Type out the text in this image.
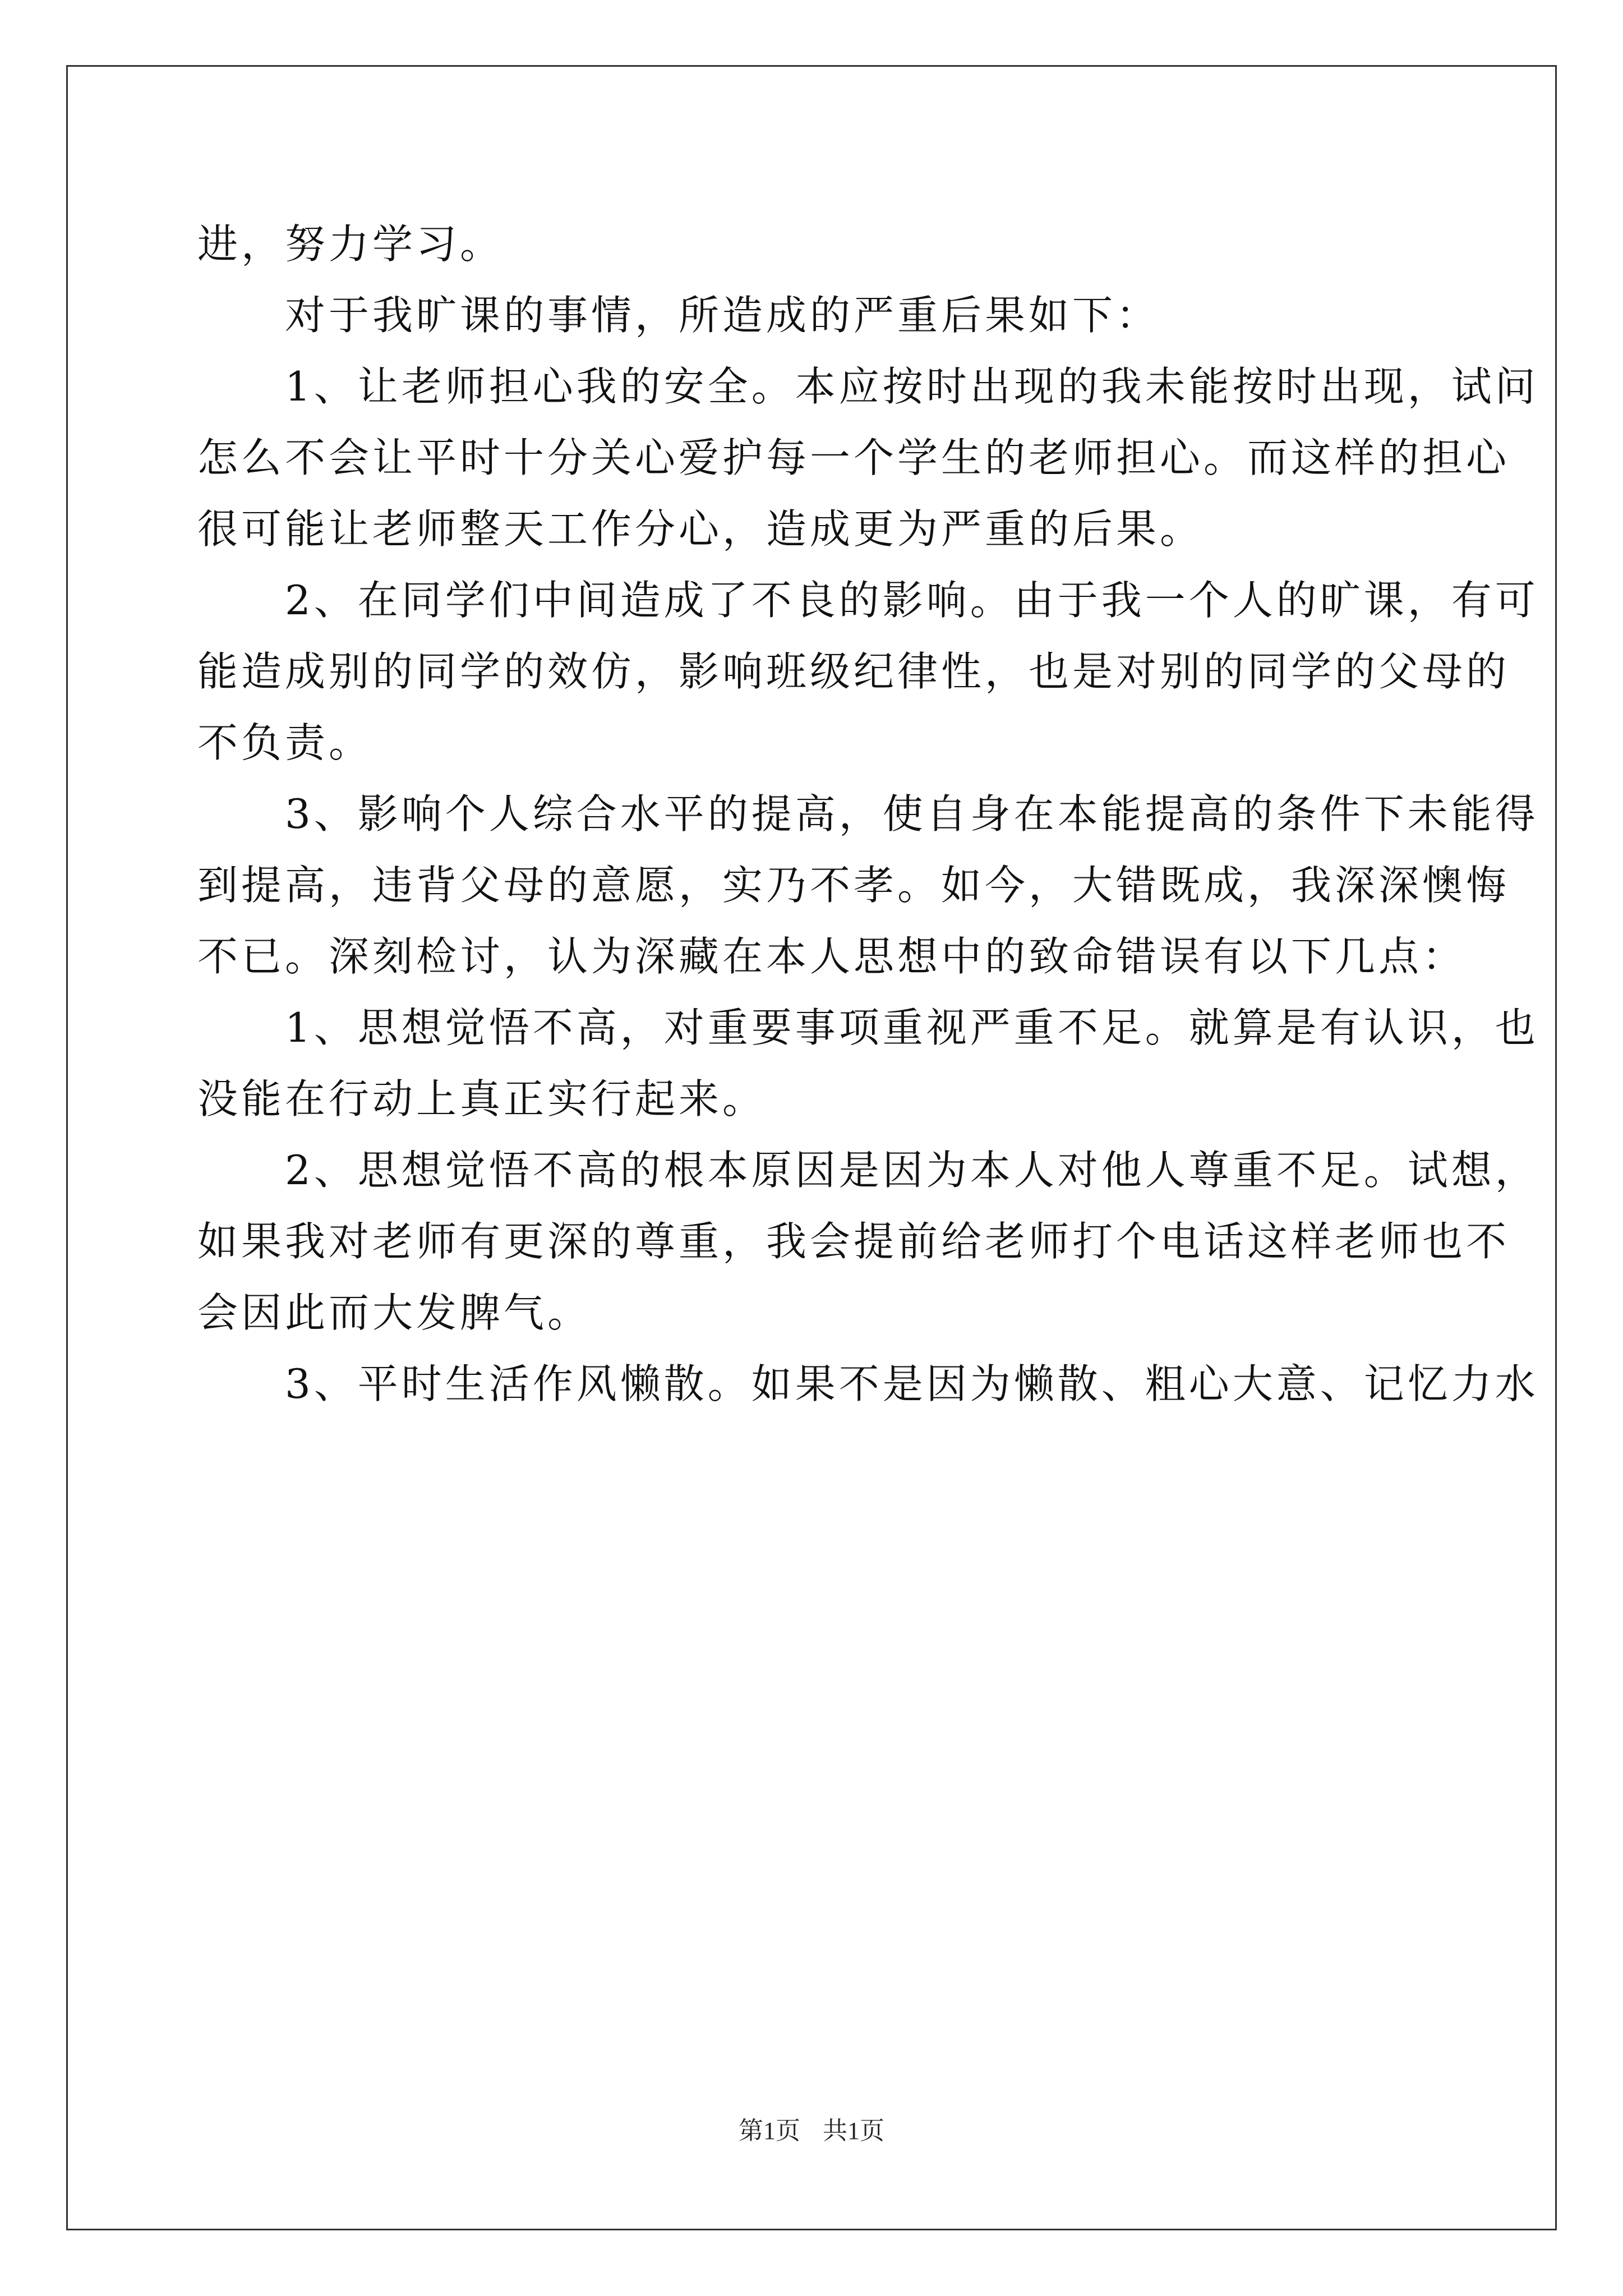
进，努力学习。
对于我旷课的事情，所造成的严重后果如下：
1、让老师担心我的安全。本应按时出现的我未能按时出现，试问
怎么不会让平时十分关心爱护每一个学生的老师担心。而这样的担心
很可能让老师整天工作分心，造成更为严重的后果。
2、在同学们中间造成了不良的影响。由于我一个人的旷课，有可
能造成别的同学的效仿，影响班级纪律性，也是对别的同学的父母的
不负责。
3、影响个人综合水平的提高，使自身在本能提高的条件下未能得
到提高，违背父母的意愿，实乃不孝。如今，大错既成，我深深懊悔
不已。深刻检讨，认为深藏在本人思想中的致命错误有以下几点：
1、思想觉悟不高，对重要事项重视严重不足。就算是有认识，也
没能在行动上真正实行起来。
2、思想觉悟不高的根本原因是因为本人对他人尊重不足。试想，
如果我对老师有更深的尊重，我会提前给老师打个电话这样老师也不
会因此而大发脾气。
3、平时生活作风懒散。如果不是因为懒散、粗心大意、记忆力水
第1页 共1页
